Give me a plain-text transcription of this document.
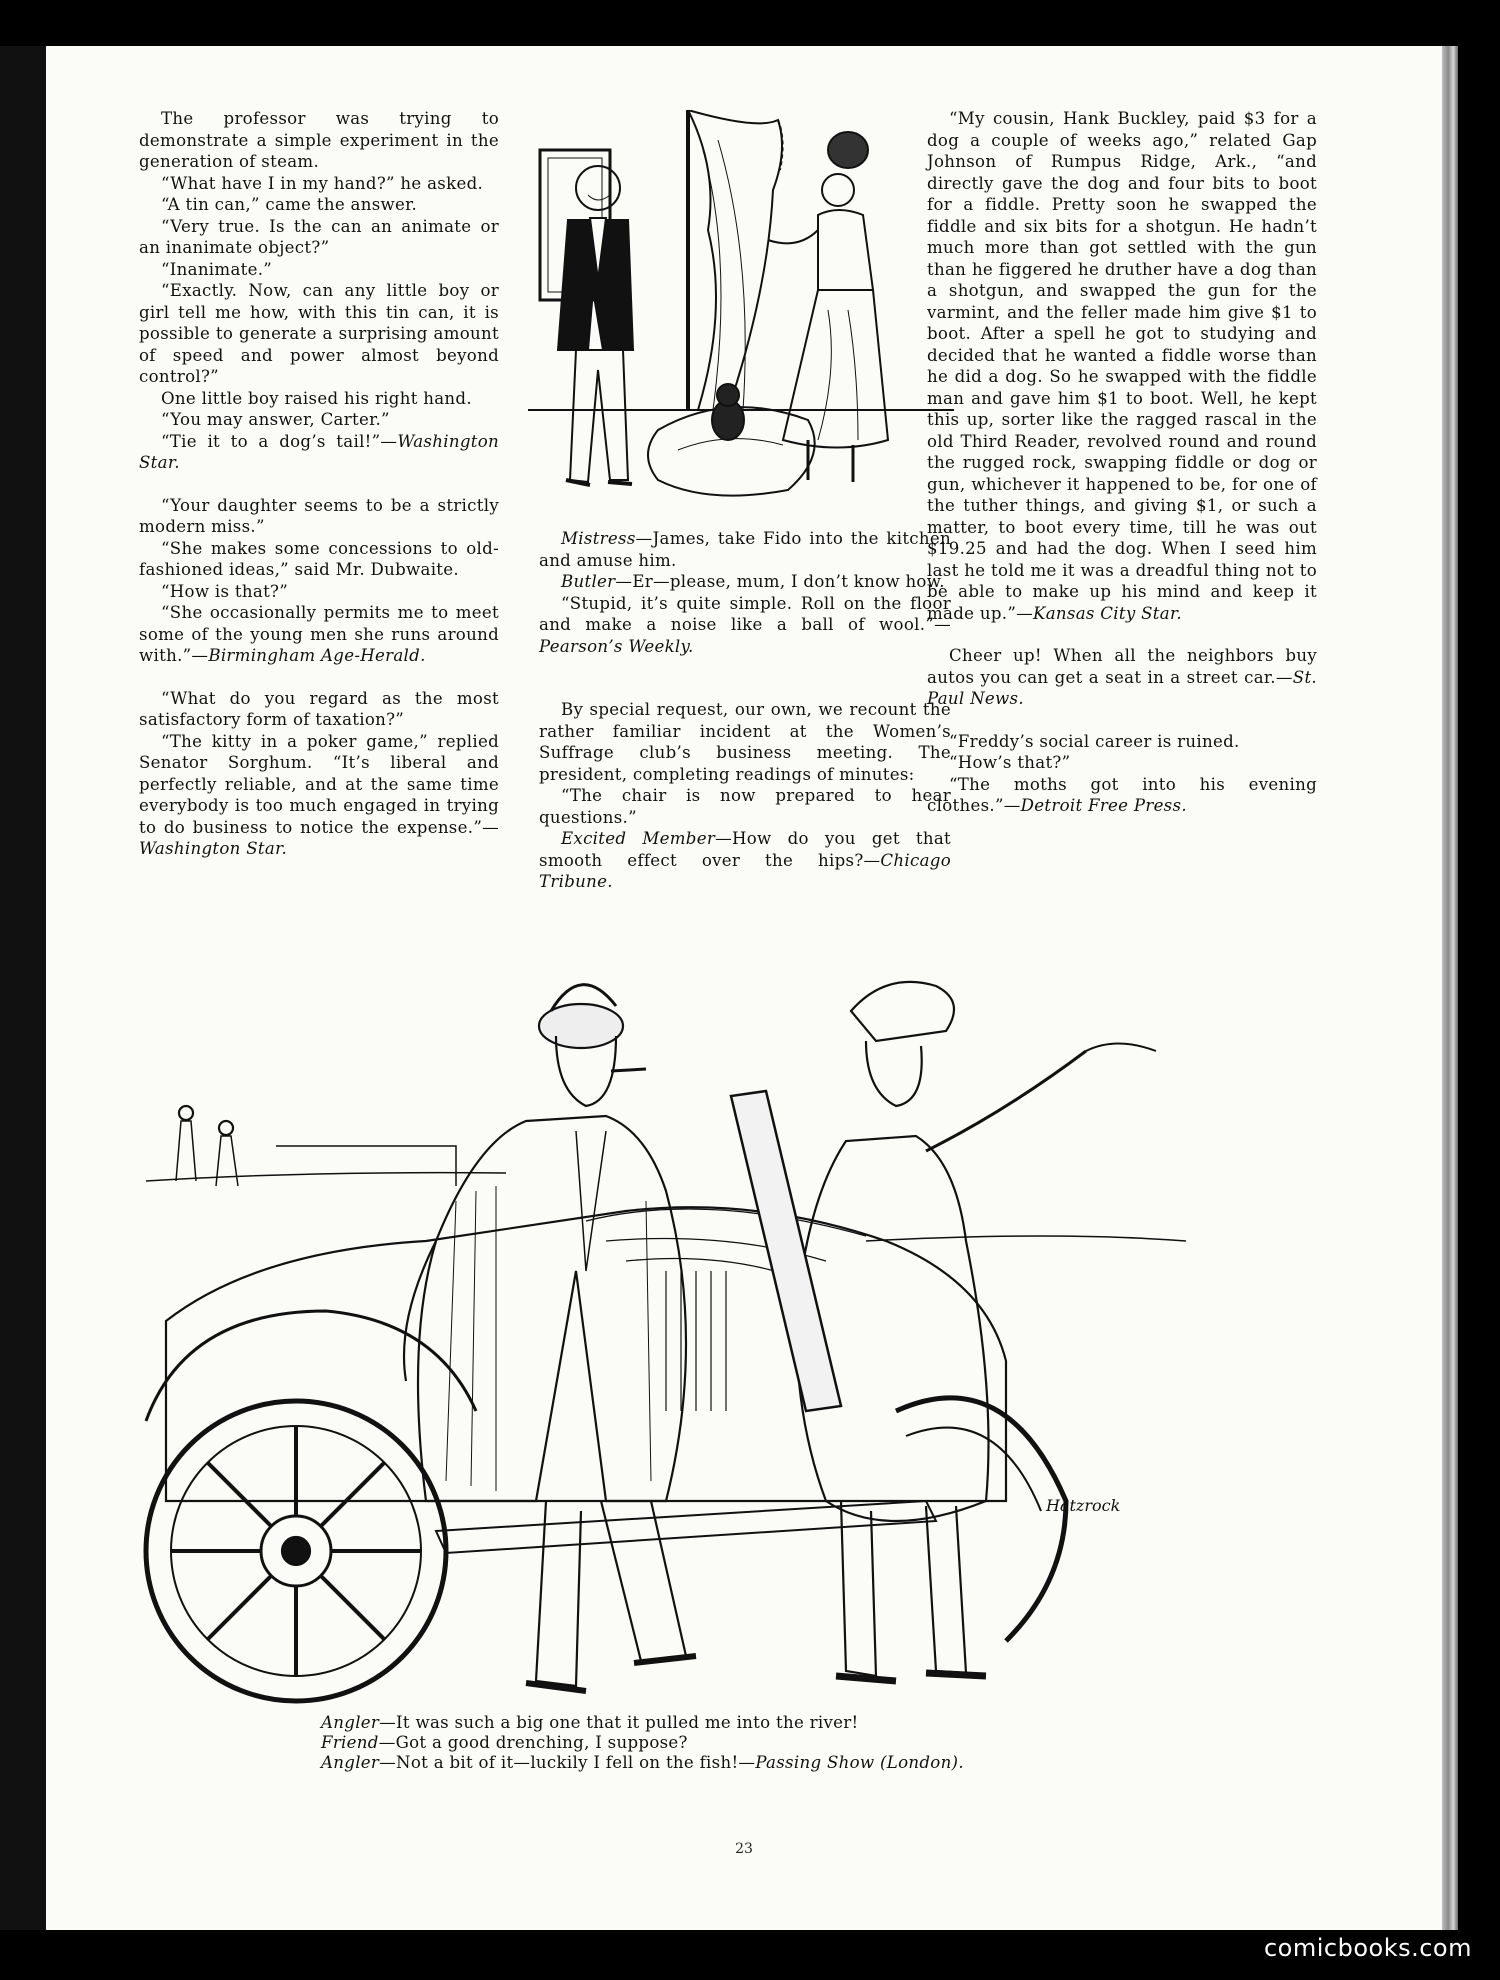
The professor was trying to demonstrate a simple experiment in the generation of steam.

“What have I in my hand?” he asked.

“A tin can,” came the answer.

“Very true. Is the can an animate or an inanimate object?”

“Inanimate.”

“Exactly. Now, can any little boy or girl tell me how, with this tin can, it is possible to generate a surprising amount of speed and power almost beyond control?”

One little boy raised his right hand.

“You may answer, Carter.”

“Tie it to a dog’s tail!”—Washington Star.

“Your daughter seems to be a strictly modern miss.”

“She makes some concessions to old-fashioned ideas,” said Mr. Dubwaite.

“How is that?”

“She occasionally permits me to meet some of the young men she runs around with.”—Birmingham Age-Herald.

“What do you regard as the most satisfactory form of taxation?”

“The kitty in a poker game,” replied Senator Sorghum. “It’s liberal and perfectly reliable, and at the same time everybody is too much engaged in trying to do business to notice the expense.”—Washington Star.

Mistress—James, take Fido into the kitchen and amuse him.

Butler—Er—please, mum, I don’t know how.

“Stupid, it’s quite simple. Roll on the floor and make a noise like a ball of wool.”—Pearson’s Weekly.

By special request, our own, we recount the rather familiar incident at the Women’s Suffrage club’s business meeting. The president, completing readings of minutes:

“The chair is now prepared to hear questions.”

Excited Member—How do you get that smooth effect over the hips?—Chicago Tribune.

“My cousin, Hank Buckley, paid $3 for a dog a couple of weeks ago,” related Gap Johnson of Rumpus Ridge, Ark., “and directly gave the dog and four bits to boot for a fiddle. Pretty soon he swapped the fiddle and six bits for a shotgun. He hadn’t much more than got settled with the gun than he figgered he druther have a dog than a shotgun, and swapped the gun for the varmint, and the feller made him give $1 to boot. After a spell he got to studying and decided that he wanted a fiddle worse than he did a dog. So he swapped with the fiddle man and gave him $1 to boot. Well, he kept this up, sorter like the ragged rascal in the old Third Reader, revolved round and round the rugged rock, swapping fiddle or dog or gun, whichever it happened to be, for one of the tuther things, and giving $1, or such a matter, to boot every time, till he was out $19.25 and had the dog. When I seed him last he told me it was a dreadful thing not to be able to make up his mind and keep it made up.”—Kansas City Star.

Cheer up! When all the neighbors buy autos you can get a seat in a street car.—St. Paul News.

“Freddy’s social career is ruined.

“How’s that?”

“The moths got into his evening clothes.”—Detroit Free Press.

Hatzrock
Angler—It was such a big one that it pulled me into the river!
Friend—Got a good drenching, I suppose?
Angler—Not a bit of it—luckily I fell on the fish!—Passing Show (London).
23
comicbooks.com
